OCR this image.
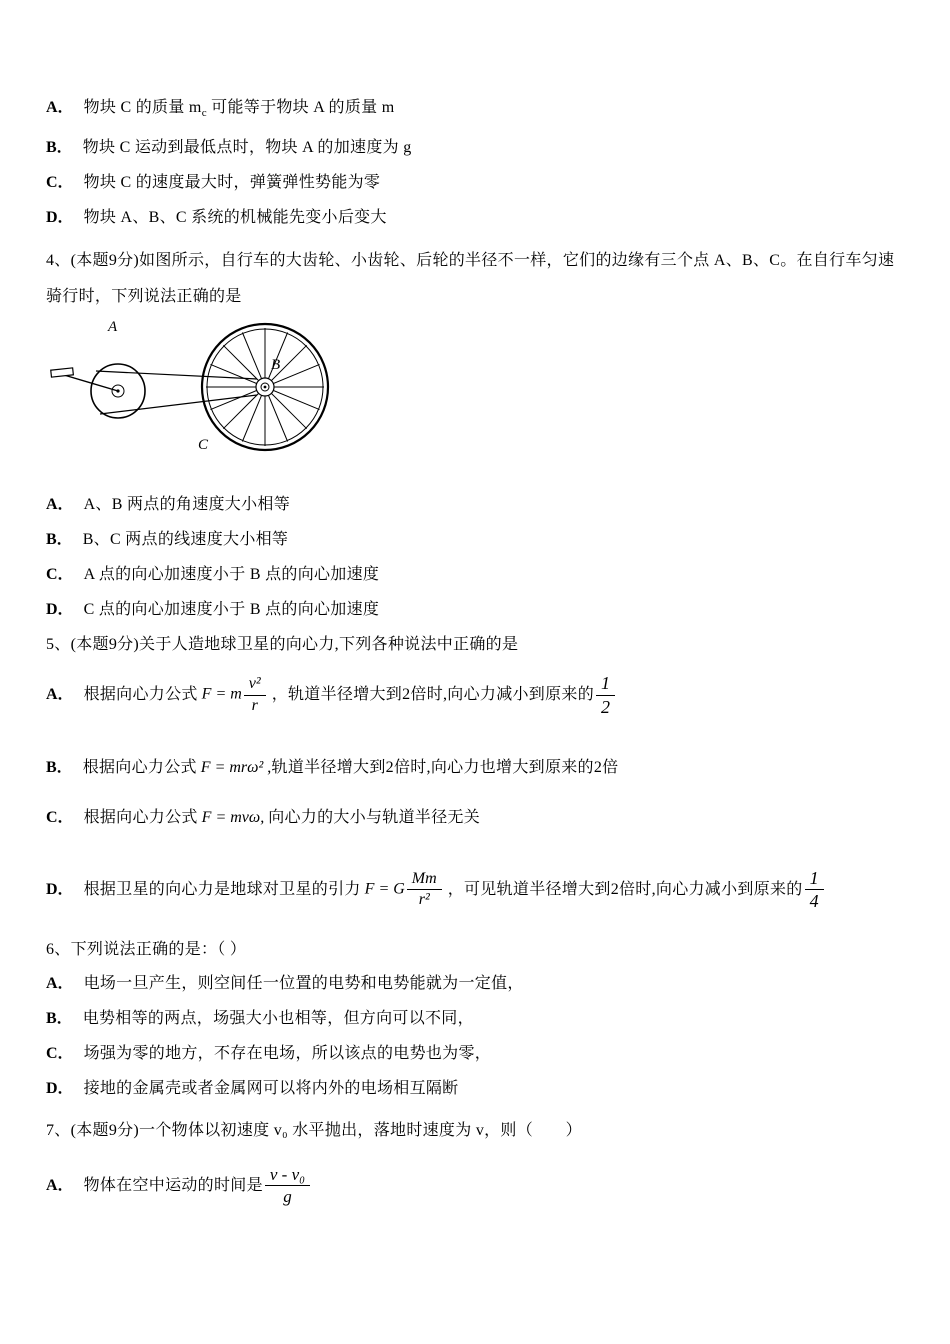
A． 物块 C 的质量 $m_c$ 可能等于物块 A 的质量 m
B． 物块 C 运动到最低点时，物块 A 的加速度为 g
C． 物块 C 的速度最大时，弹簧弹性势能为零
D． 物块 A、B、C 系统的机械能先变小后变大

4、(本题9分)如图所示，自行车的大齿轮、小齿轮、后轮的半径不一样，它们的边缘有三个点 A、B、C。在自行车匀速骑行时，下列说法正确的是

A
B
C
A． A、B 两点的角速度大小相等
B． B、C 两点的线速度大小相等
C． A 点的向心加速度小于 B 点的向心加速度
D． C 点的向心加速度小于 B 点的向心加速度

5、(本题9分)关于人造地球卫星的向心力,下列各种说法中正确的是

A． 根据向心力公式 F = m $\frac{\text{v²}}{r}$ ，轨道半径增大到2倍时,向心力减小到原来的 $\frac{1}{2}$
B． 根据向心力公式 F = mrω² ,轨道半径增大到2倍时,向心力也增大到原来的2倍
C． 根据向心力公式 F = mvω, 向心力的大小与轨道半径无关
D． 根据卫星的向心力是地球对卫星的引力 F = G $\frac{Mm}{\text{r²}}$ ，可见轨道半径增大到2倍时,向心力减小到原来的 $\frac{1}{4}$

6、下列说法正确的是：（ ）

A． 电场一旦产生，则空间任一位置的电势和电势能就为一定值，
B． 电势相等的两点，场强大小也相等，但方向可以不同，
C． 场强为零的地方，不存在电场，所以该点的电势也为零，
D． 接地的金属壳或者金属网可以将内外的电场相互隔断

7、(本题9分)一个物体以初速度 v₀ 水平抛出，落地时速度为 v，则（　　）

A． 物体在空中运动的时间是 $\frac{\text{v - v₀}}{g}$
